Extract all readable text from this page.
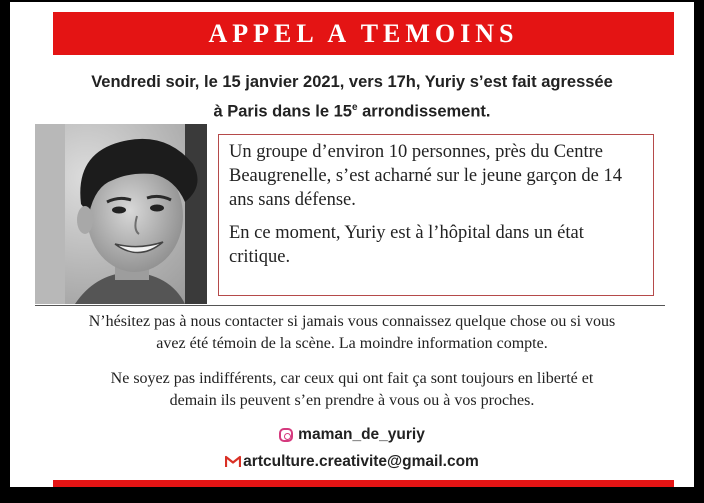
APPEL A TEMOINS
Vendredi soir, le 15 janvier 2021, vers 17h, Yuriy s’est fait agressée
à Paris dans le 15e arrondissement.

Un groupe d’environ 10 personnes, près du Centre Beaugrenelle, s’est acharné sur le jeune garçon de 14 ans sans défense.

En ce moment, Yuriy est à l’hôpital dans un état critique.

N’hésitez pas à nous contacter si jamais vous connaissez quelque chose ou si vous
avez été témoin de la scène. La moindre information compte.
Ne soyez pas indifférents, car ceux qui ont fait ça sont toujours en liberté et
demain ils peuvent s’en prendre à vous ou à vos proches.
maman_de_yuriy
artculture.creativite@gmail.com
